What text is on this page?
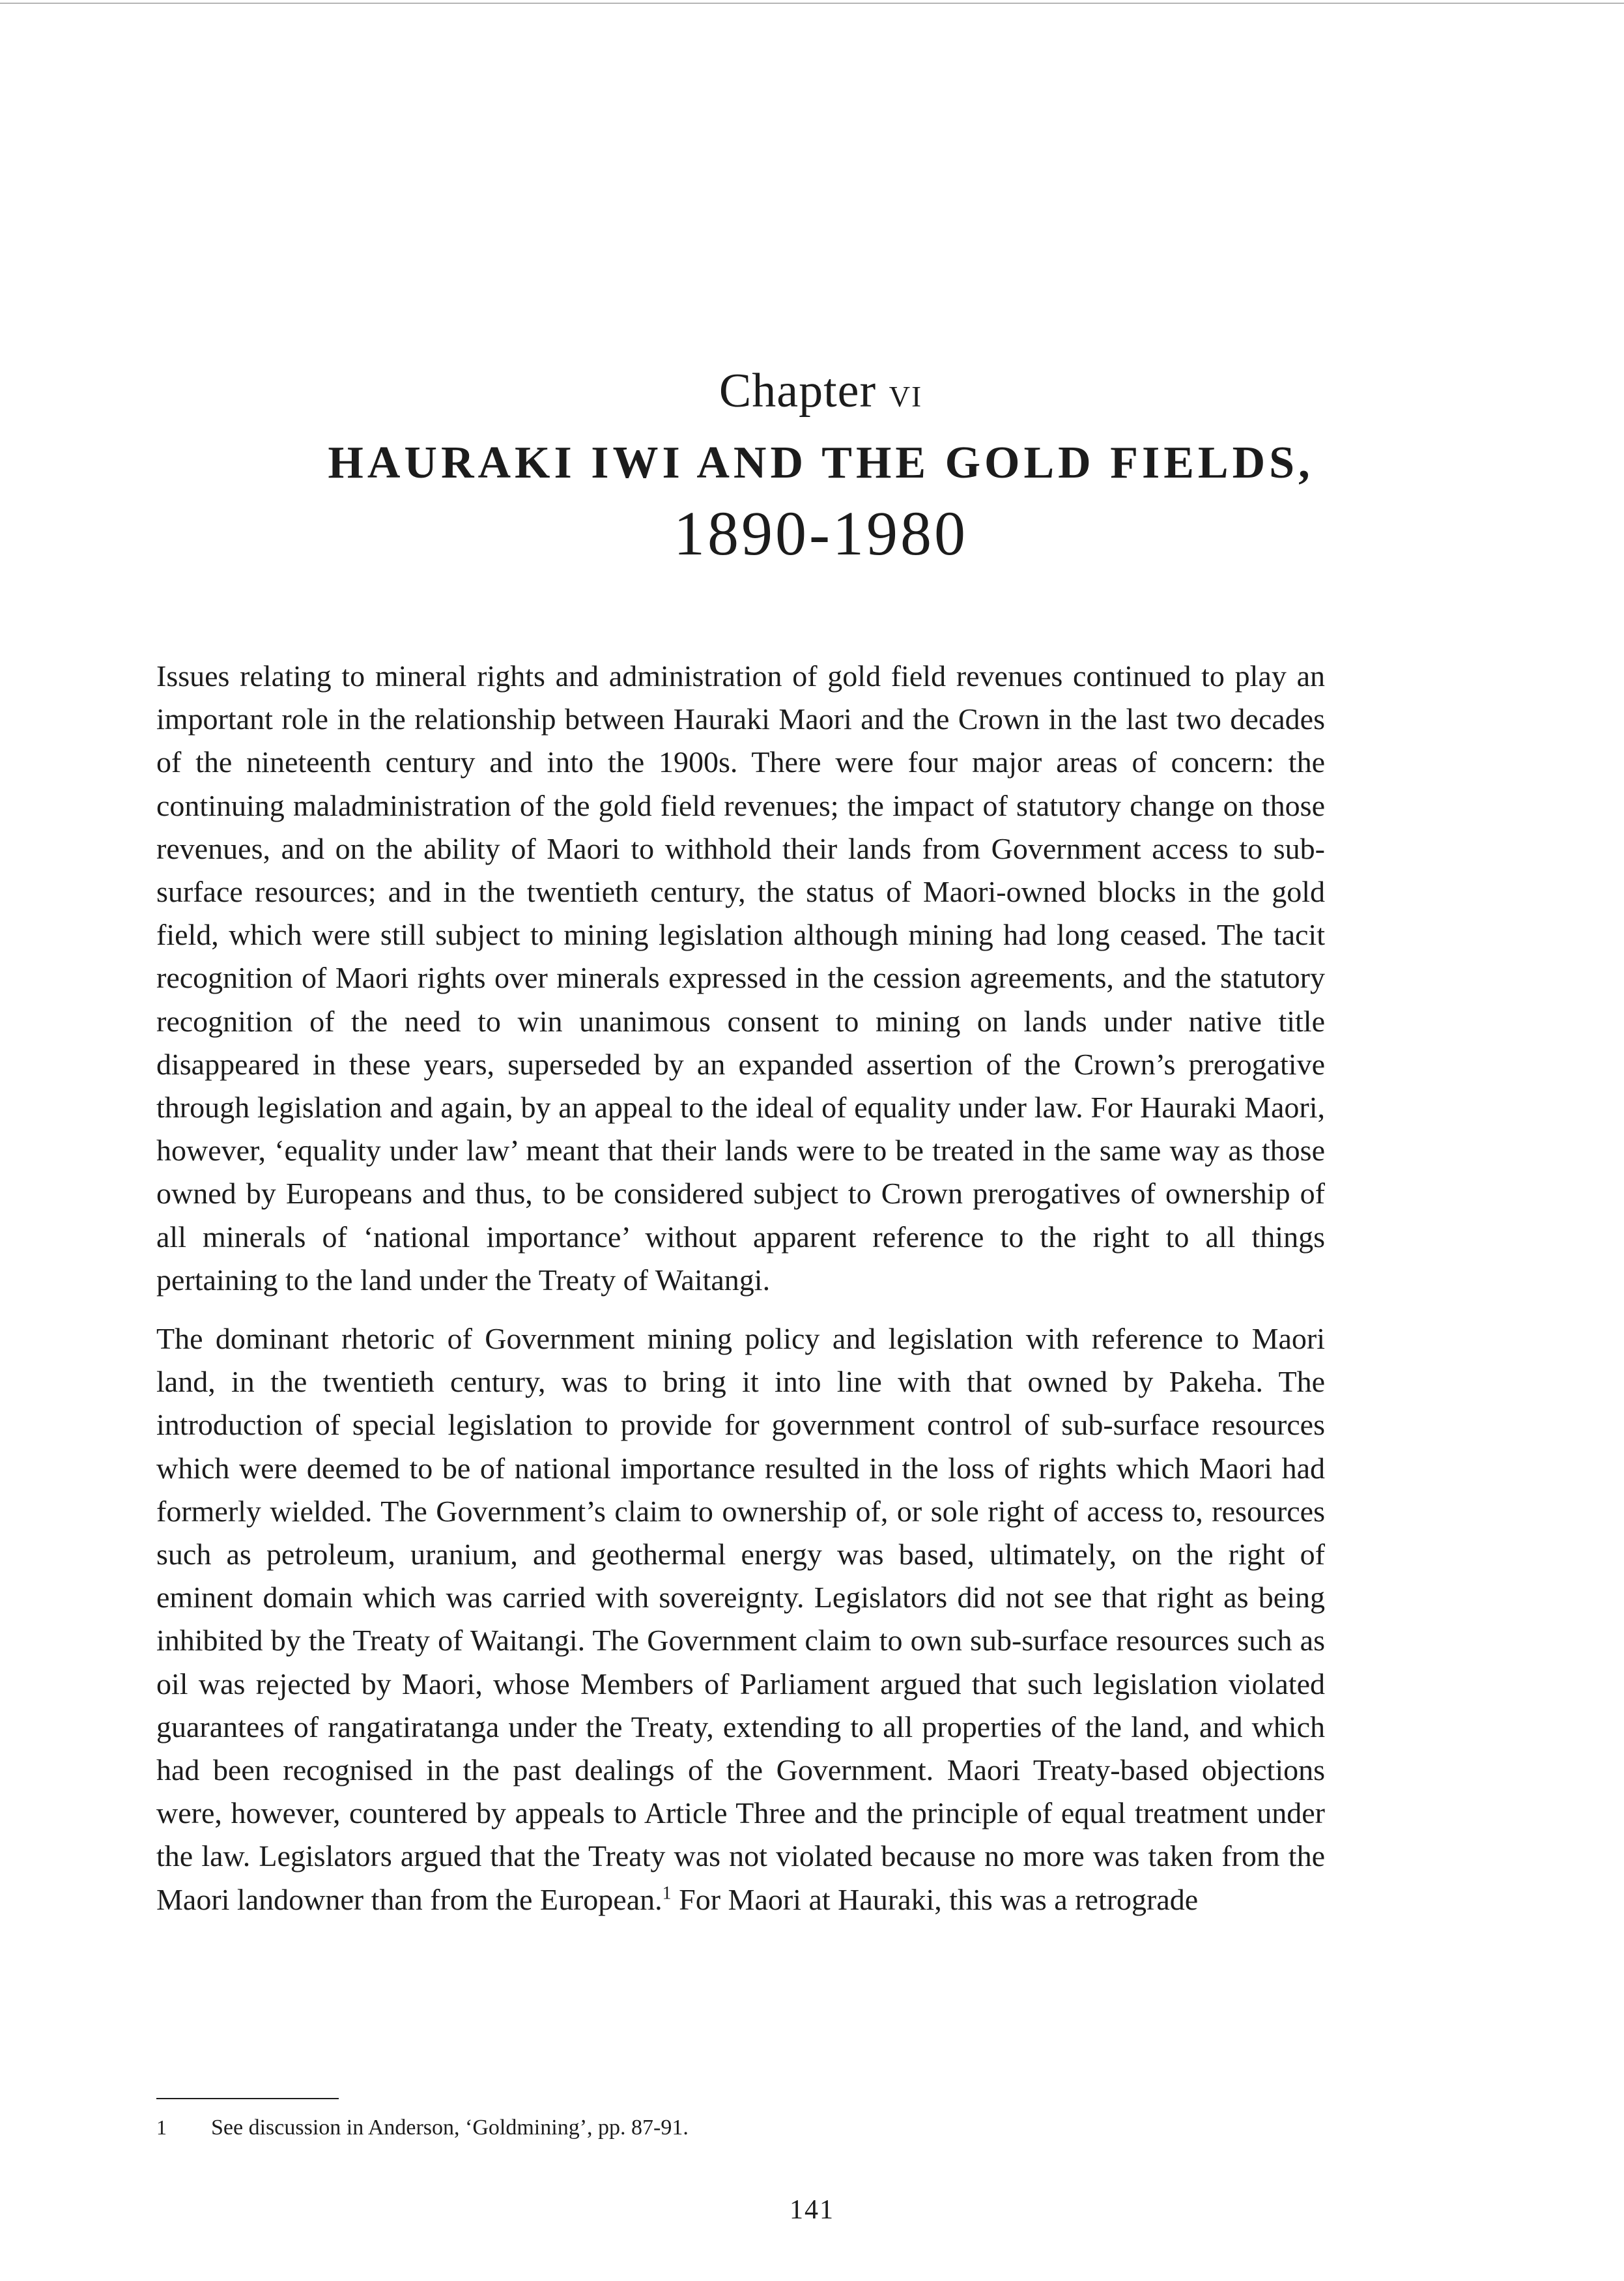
Chapter vi
HAURAKI IWI AND THE GOLD FIELDS,
1890-1980

Issues relating to mineral rights and administration of gold field revenues continued to play an important role in the relationship between Hauraki Maori and the Crown in the last two decades of the nineteenth century and into the 1900s. There were four major areas of concern: the continuing maladministration of the gold field revenues; the impact of statutory change on those revenues, and on the ability of Maori to withhold their lands from Government access to sub-surface resources; and in the twentieth century, the status of Maori-owned blocks in the gold field, which were still subject to mining legislation although mining had long ceased. The tacit recognition of Maori rights over minerals expressed in the cession agreements, and the statutory recognition of the need to win unanimous consent to mining on lands under native title disappeared in these years, superseded by an expanded assertion of the Crown’s prerogative through legislation and again, by an appeal to the ideal of equality under law. For Hauraki Maori, however, ‘equality under law’ meant that their lands were to be treated in the same way as those owned by Europeans and thus, to be considered subject to Crown prerogatives of ownership of all minerals of ‘national importance’ without apparent reference to the right to all things pertaining to the land under the Treaty of Waitangi.

The dominant rhetoric of Government mining policy and legislation with reference to Maori land, in the twentieth century, was to bring it into line with that owned by Pakeha. The introduction of special legislation to provide for government control of sub-surface resources which were deemed to be of national importance resulted in the loss of rights which Maori had formerly wielded. The Government’s claim to ownership of, or sole right of access to, resources such as petroleum, uranium, and geothermal energy was based, ultimately, on the right of eminent domain which was carried with sovereignty. Legislators did not see that right as being inhibited by the Treaty of Waitangi. The Government claim to own sub-surface resources such as oil was rejected by Maori, whose Members of Parliament argued that such legislation violated guarantees of rangatiratanga under the Treaty, extending to all properties of the land, and which had been recognised in the past dealings of the Government. Maori Treaty-based objections were, however, countered by appeals to Article Three and the principle of equal treatment under the law. Legislators argued that the Treaty was not violated because no more was taken from the Maori landowner than from the European.$^1$ For Maori at Hauraki, this was a retrograde

1 See discussion in Anderson, ‘Goldmining’, pp. 87-91.
141
